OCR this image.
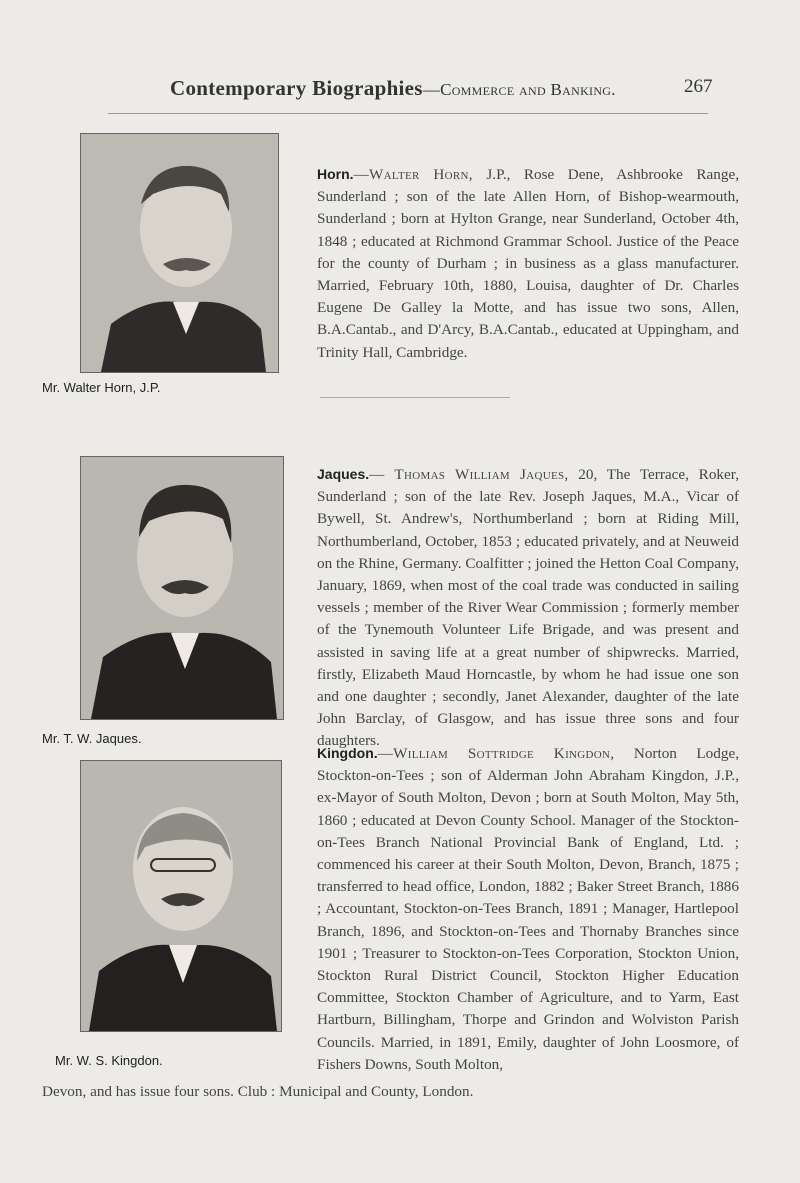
Contemporary Biographies—Commerce and Banking.	267
Mr. Walter Horn, J.P.
Horn.—Walter Horn, J.P., Rose Dene, Ashbrooke Range, Sunderland ; son of the late Allen Horn, of Bishop-wearmouth, Sunderland ; born at Hylton Grange, near Sunderland, October 4th, 1848 ; educated at Richmond Grammar School. Justice of the Peace for the county of Durham ; in business as a glass manufacturer. Married, February 10th, 1880, Louisa, daughter of Dr. Charles Eugene De Galley la Motte, and has issue two sons, Allen, B.A.Cantab., and D'Arcy, B.A.Cantab., educated at Uppingham, and Trinity Hall, Cambridge.
Mr. T. W. Jaques.
Jaques.— Thomas William Jaques, 20, The Terrace, Roker, Sunderland ; son of the late Rev. Joseph Jaques, M.A., Vicar of Bywell, St. Andrew's, Northumberland ; born at Riding Mill, Northumberland, October, 1853 ; educated privately, and at Neuweid on the Rhine, Germany. Coalfitter ; joined the Hetton Coal Company, January, 1869, when most of the coal trade was conducted in sailing vessels ; member of the River Wear Commission ; formerly member of the Tynemouth Volunteer Life Brigade, and was present and assisted in saving life at a great number of shipwrecks. Married, firstly, Elizabeth Maud Horncastle, by whom he had issue one son and one daughter ; secondly, Janet Alexander, daughter of the late John Barclay, of Glasgow, and has issue three sons and four daughters.
Mr. W. S. Kingdon.
Kingdon.—William Sottridge Kingdon, Norton Lodge, Stockton-on-Tees ; son of Alderman John Abraham Kingdon, J.P., ex-Mayor of South Molton, Devon ; born at South Molton, May 5th, 1860 ; educated at Devon County School. Manager of the Stockton-on-Tees Branch National Provincial Bank of England, Ltd. ; commenced his career at their South Molton, Devon, Branch, 1875 ; transferred to head office, London, 1882 ; Baker Street Branch, 1886 ; Accountant, Stockton-on-Tees Branch, 1891 ; Manager, Hartlepool Branch, 1896, and Stockton-on-Tees and Thornaby Branches since 1901 ; Treasurer to Stockton-on-Tees Corporation, Stockton Union, Stockton Rural District Council, Stockton Higher Education Committee, Stockton Chamber of Agriculture, and to Yarm, East Hartburn, Billingham, Thorpe and Grindon and Wolviston Parish Councils. Married, in 1891, Emily, daughter of John Loosmore, of Fishers Downs, South Molton,
Devon, and has issue four sons. Club : Municipal and County, London.
